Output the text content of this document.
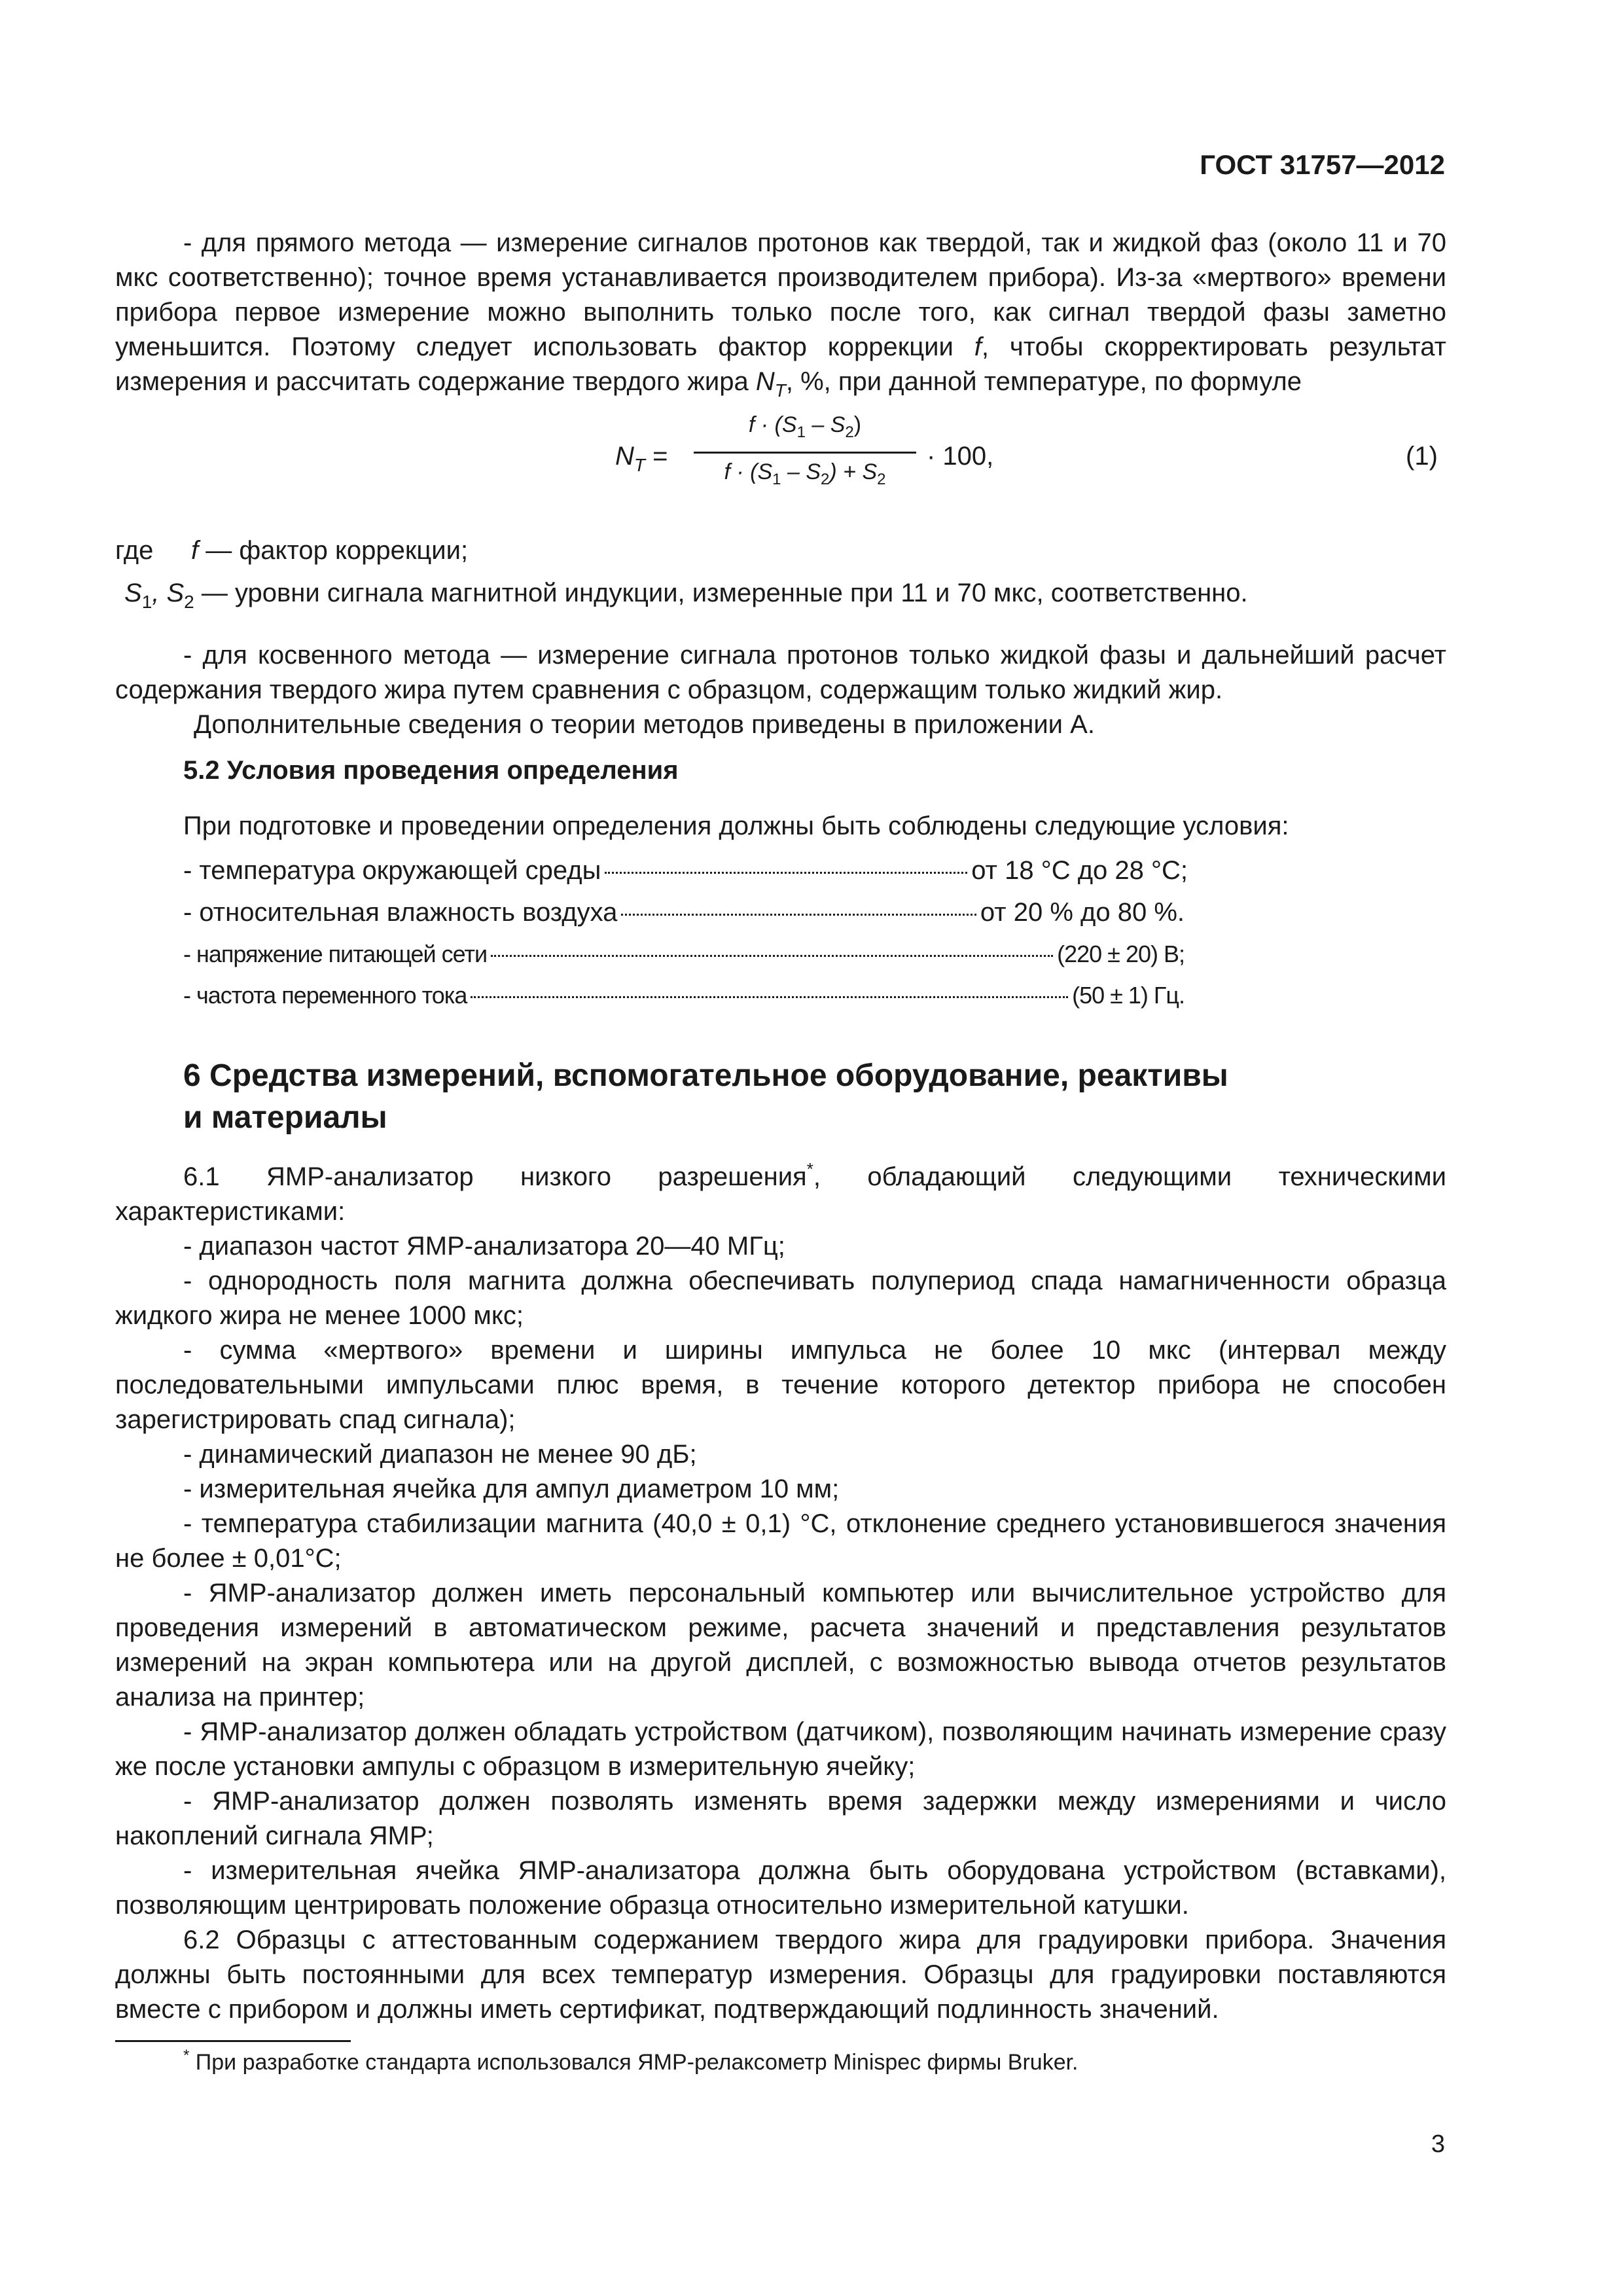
ГОСТ 31757—2012

- для прямого метода — измерение сигналов протонов как твердой, так и жидкой фаз (около 11 и 70 мкс соответственно); точное время устанавливается производителем прибора). Из-за «мертвого» времени прибора первое измерение можно выполнить только после того, как сигнал твердой фазы заметно уменьшится. Поэтому следует использовать фактор коррекции f, чтобы скорректировать результат измерения и рассчитать содержание твердого жира $N_T$, %, при данной температуре, по формуле

$N_T$ =
$f \cdot (S_1 - S_2)$
$f \cdot (S_1 - S_2) + S_2$
· 100,	(1)
где f — фактор коррекции;
$S_1$, $S_2$ — уровни сигнала магнитной индукции, измеренные при 11 и 70 мкс, соответственно.

- для косвенного метода — измерение сигнала протонов только жидкой фазы и дальнейший расчет содержания твердого жира путем сравнения с образцом, содержащим только жидкий жир.

Дополнительные сведения о теории методов приведены в приложении А.

5.2 Условия проведения определения
При подготовке и проведении определения должны быть соблюдены следующие условия:
- температура окружающей среды	от 18 °С до 28 °С;
- относительная влажность воздуха	от 20 % до 80 %.
- напряжение питающей сети	(220 ± 20) В;
- частота переменного тока	(50 ± 1) Гц.
6 Средства измерений, вспомогательное оборудование, реактивы
и материалы

6.1 ЯМР-анализатор низкого разрешения*, обладающий следующими техническими характеристиками:

- диапазон частот ЯМР-анализатора 20—40 МГц;

- однородность поля магнита должна обеспечивать полупериод спада намагниченности образца жидкого жира не менее 1000 мкс;

- сумма «мертвого» времени и ширины импульса не более 10 мкс (интервал между последовательными импульсами плюс время, в течение которого детектор прибора не способен зарегистрировать спад сигнала);

- динамический диапазон не менее 90 дБ;

- измерительная ячейка для ампул диаметром 10 мм;

- температура стабилизации магнита (40,0 ± 0,1) °С, отклонение среднего установившегося значения не более ± 0,01°С;

- ЯМР-анализатор должен иметь персональный компьютер или вычислительное устройство для проведения измерений в автоматическом режиме, расчета значений и представления результатов измерений на экран компьютера или на другой дисплей, с возможностью вывода отчетов результатов анализа на принтер;

- ЯМР-анализатор должен обладать устройством (датчиком), позволяющим начинать измерение сразу же после установки ампулы с образцом в измерительную ячейку;

- ЯМР-анализатор должен позволять изменять время задержки между измерениями и число накоплений сигнала ЯМР;

- измерительная ячейка ЯМР-анализатора должна быть оборудована устройством (вставками), позволяющим центрировать положение образца относительно измерительной катушки.

6.2 Образцы с аттестованным содержанием твердого жира для градуировки прибора. Значения должны быть постоянными для всех температур измерения. Образцы для градуировки поставляются вместе с прибором и должны иметь сертификат, подтверждающий подлинность значений.

* При разработке стандарта использовался ЯМР-релаксометр Minispec фирмы Bruker.
3
